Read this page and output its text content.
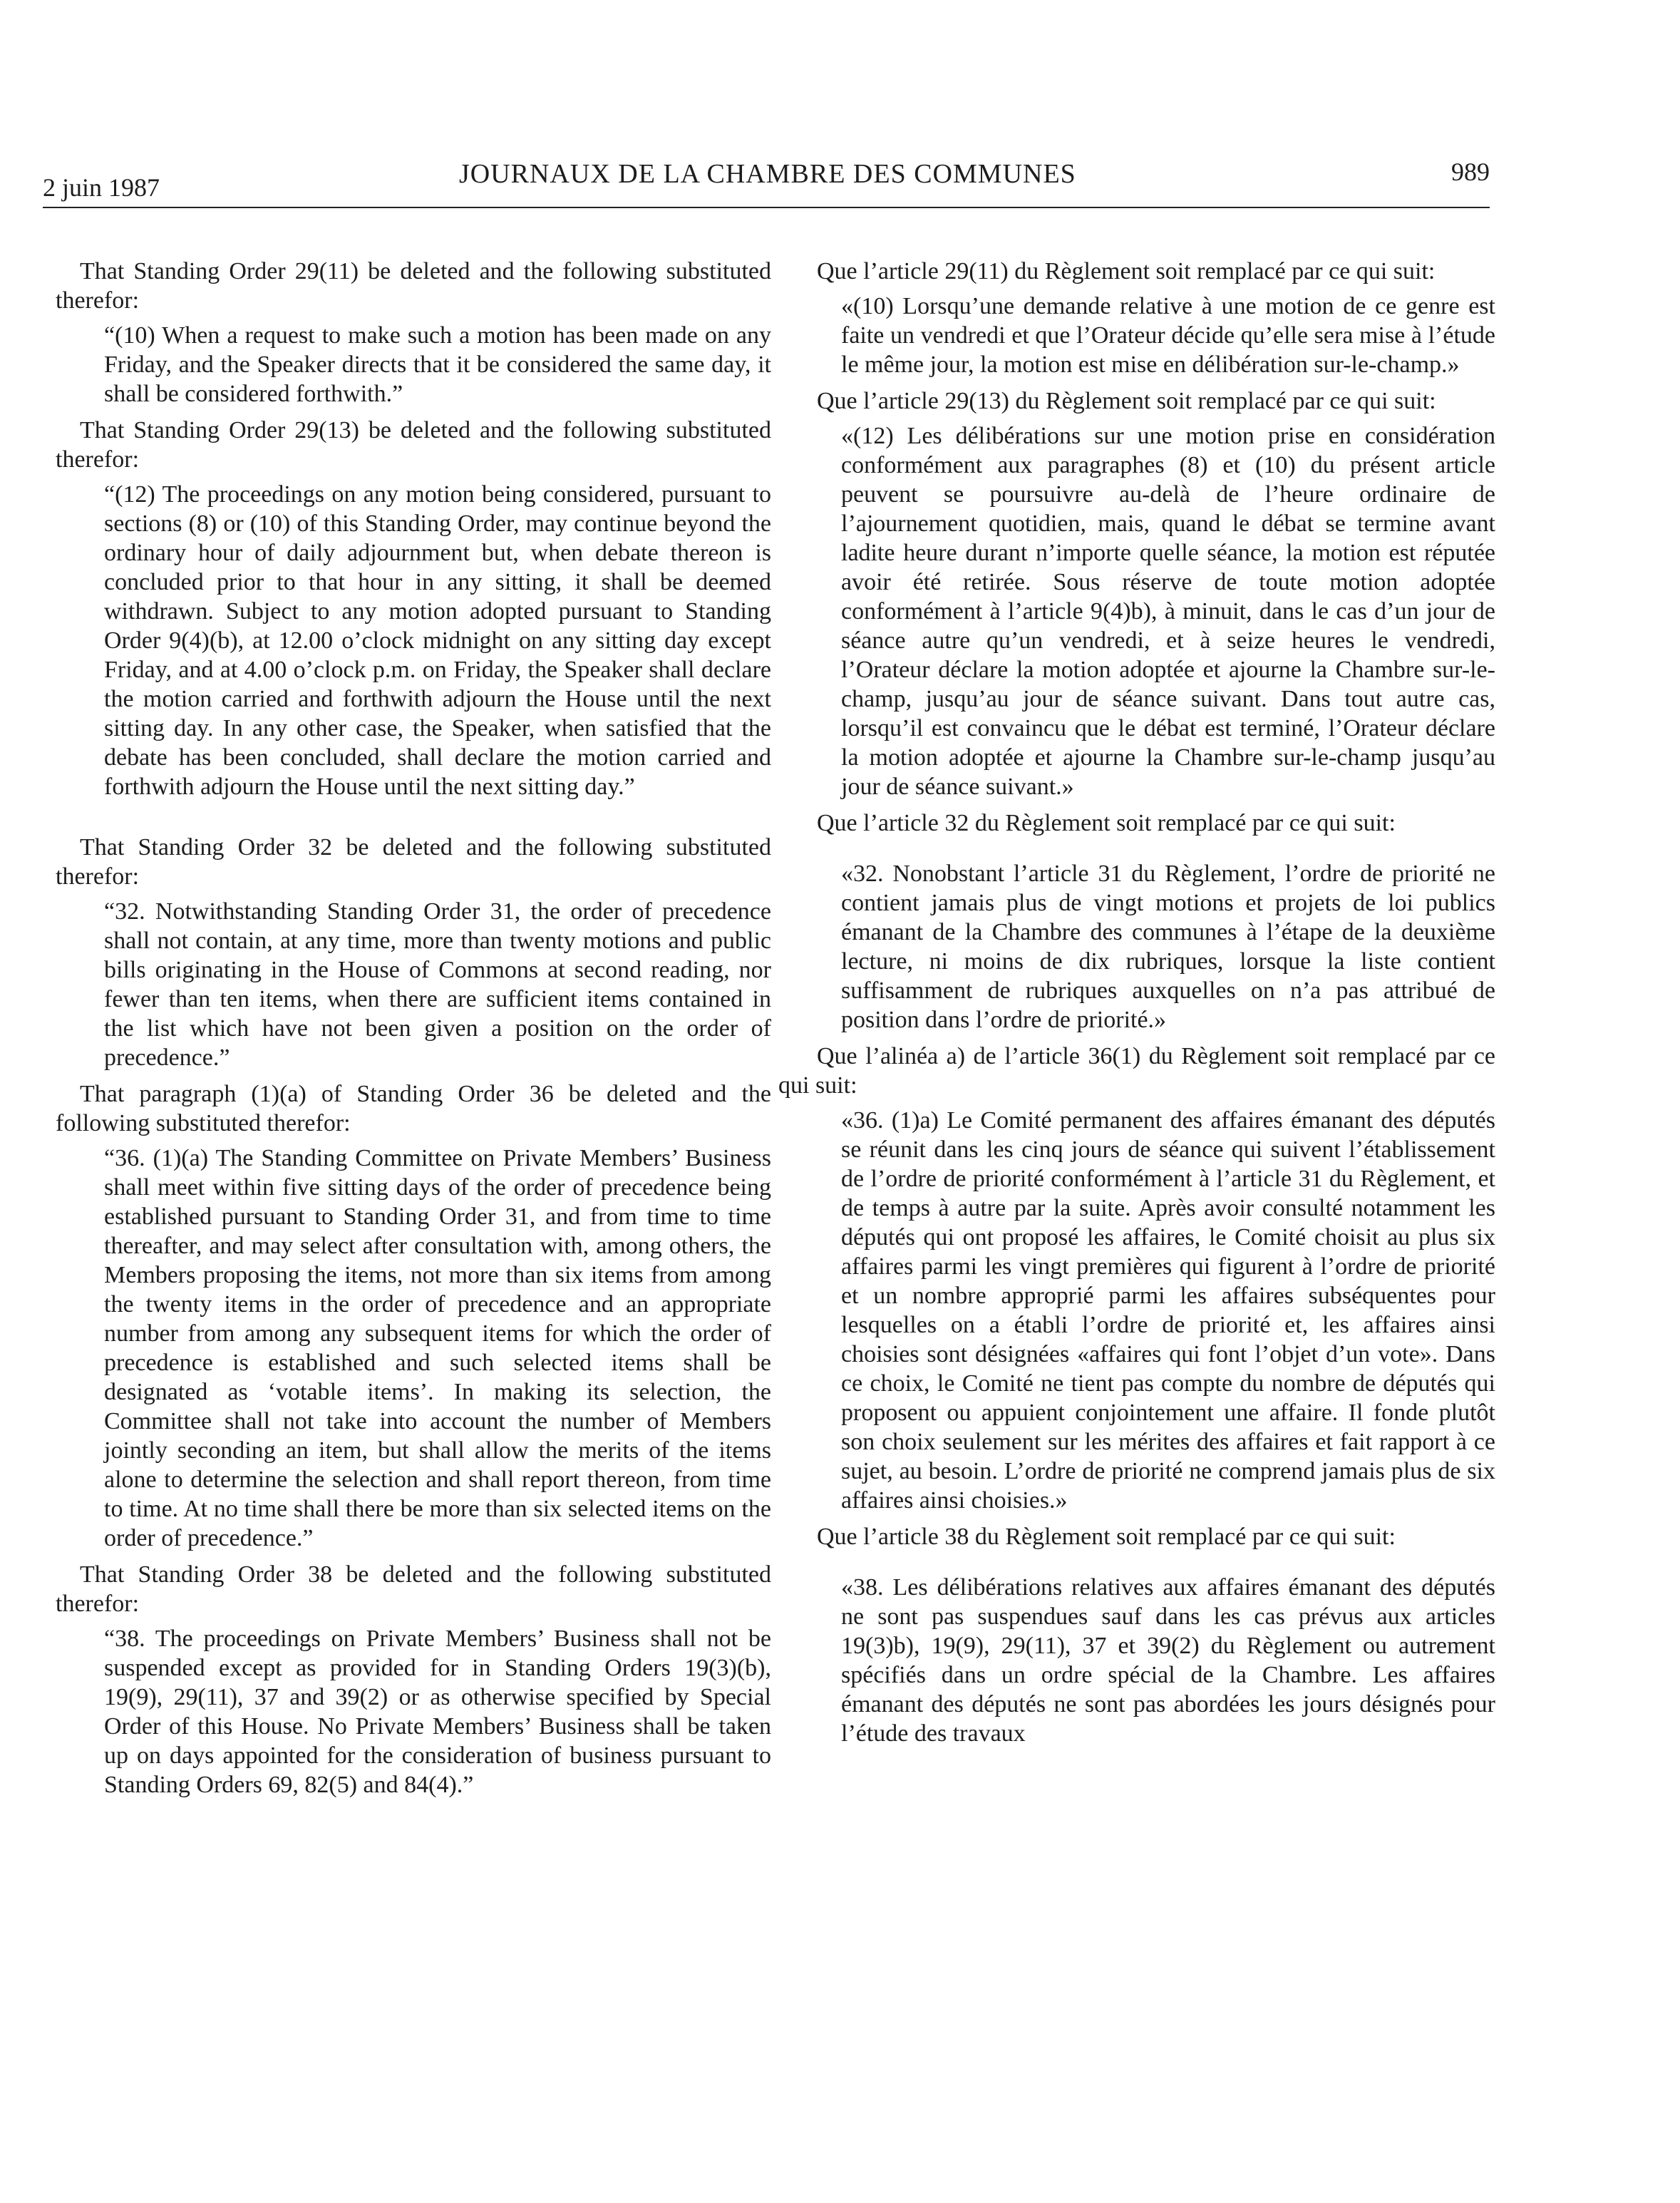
2 juin 1987	JOURNAUX DE LA CHAMBRE DES COMMUNES	989

That Standing Order 29(11) be deleted and the following substituted therefor:

“(10) When a request to make such a motion has been made on any Friday, and the Speaker directs that it be considered the same day, it shall be considered forthwith.”

That Standing Order 29(13) be deleted and the following substituted therefor:

“(12) The proceedings on any motion being considered, pursuant to sections (8) or (10) of this Standing Order, may continue beyond the ordinary hour of daily adjournment but, when debate thereon is concluded prior to that hour in any sitting, it shall be deemed withdrawn. Subject to any motion adopted pursuant to Standing Order 9(4)(b), at 12.00 o’clock midnight on any sitting day except Friday, and at 4.00 o’clock p.m. on Friday, the Speaker shall declare the motion carried and forthwith adjourn the House until the next sitting day. In any other case, the Speaker, when satisfied that the debate has been concluded, shall declare the motion carried and forthwith adjourn the House until the next sitting day.”

That Standing Order 32 be deleted and the following substituted therefor:

“32. Notwithstanding Standing Order 31, the order of precedence shall not contain, at any time, more than twenty motions and public bills originating in the House of Commons at second reading, nor fewer than ten items, when there are sufficient items contained in the list which have not been given a position on the order of precedence.”

That paragraph (1)(a) of Standing Order 36 be deleted and the following substituted therefor:

“36. (1)(a) The Standing Committee on Private Members’ Business shall meet within five sitting days of the order of precedence being established pursuant to Standing Order 31, and from time to time thereafter, and may select after consultation with, among others, the Members proposing the items, not more than six items from among the twenty items in the order of precedence and an appropriate number from among any subsequent items for which the order of precedence is established and such selected items shall be designated as ‘votable items’. In making its selection, the Committee shall not take into account the number of Members jointly seconding an item, but shall allow the merits of the items alone to determine the selection and shall report thereon, from time to time. At no time shall there be more than six selected items on the order of precedence.”

That Standing Order 38 be deleted and the following substituted therefor:

“38. The proceedings on Private Members’ Business shall not be suspended except as provided for in Standing Orders 19(3)(b), 19(9), 29(11), 37 and 39(2) or as otherwise specified by Special Order of this House. No Private Members’ Business shall be taken up on days appointed for the consideration of business pursuant to Standing Orders 69, 82(5) and 84(4).”

Que l’article 29(11) du Règlement soit remplacé par ce qui suit:

«(10) Lorsqu’une demande relative à une motion de ce genre est faite un vendredi et que l’Orateur décide qu’elle sera mise à l’étude le même jour, la motion est mise en délibération sur-le-champ.»

Que l’article 29(13) du Règlement soit remplacé par ce qui suit:

«(12) Les délibérations sur une motion prise en considération conformément aux paragraphes (8) et (10) du présent article peuvent se poursuivre au-delà de l’heure ordinaire de l’ajournement quotidien, mais, quand le débat se termine avant ladite heure durant n’importe quelle séance, la motion est réputée avoir été retirée. Sous réserve de toute motion adoptée conformément à l’article 9(4)b), à minuit, dans le cas d’un jour de séance autre qu’un vendredi, et à seize heures le vendredi, l’Orateur déclare la motion adoptée et ajourne la Chambre sur-le-champ, jusqu’au jour de séance suivant. Dans tout autre cas, lorsqu’il est convaincu que le débat est terminé, l’Orateur déclare la motion adoptée et ajourne la Chambre sur-le-champ jusqu’au jour de séance suivant.»

Que l’article 32 du Règlement soit remplacé par ce qui suit:

«32. Nonobstant l’article 31 du Règlement, l’ordre de priorité ne contient jamais plus de vingt motions et projets de loi publics émanant de la Chambre des communes à l’étape de la deuxième lecture, ni moins de dix rubriques, lorsque la liste contient suffisamment de rubriques auxquelles on n’a pas attribué de position dans l’ordre de priorité.»

Que l’alinéa a) de l’article 36(1) du Règlement soit remplacé par ce qui suit:

«36. (1)a) Le Comité permanent des affaires émanant des députés se réunit dans les cinq jours de séance qui suivent l’établissement de l’ordre de priorité conformément à l’article 31 du Règlement, et de temps à autre par la suite. Après avoir consulté notamment les députés qui ont proposé les affaires, le Comité choisit au plus six affaires parmi les vingt premières qui figurent à l’ordre de priorité et un nombre approprié parmi les affaires subséquentes pour lesquelles on a établi l’ordre de priorité et, les affaires ainsi choisies sont désignées «affaires qui font l’objet d’un vote». Dans ce choix, le Comité ne tient pas compte du nombre de députés qui proposent ou appuient conjointement une affaire. Il fonde plutôt son choix seulement sur les mérites des affaires et fait rapport à ce sujet, au besoin. L’ordre de priorité ne comprend jamais plus de six affaires ainsi choisies.»

Que l’article 38 du Règlement soit remplacé par ce qui suit:

«38. Les délibérations relatives aux affaires émanant des députés ne sont pas suspendues sauf dans les cas prévus aux articles 19(3)b), 19(9), 29(11), 37 et 39(2) du Règlement ou autrement spécifiés dans un ordre spécial de la Chambre. Les affaires émanant des députés ne sont pas abordées les jours désignés pour l’étude des travaux
